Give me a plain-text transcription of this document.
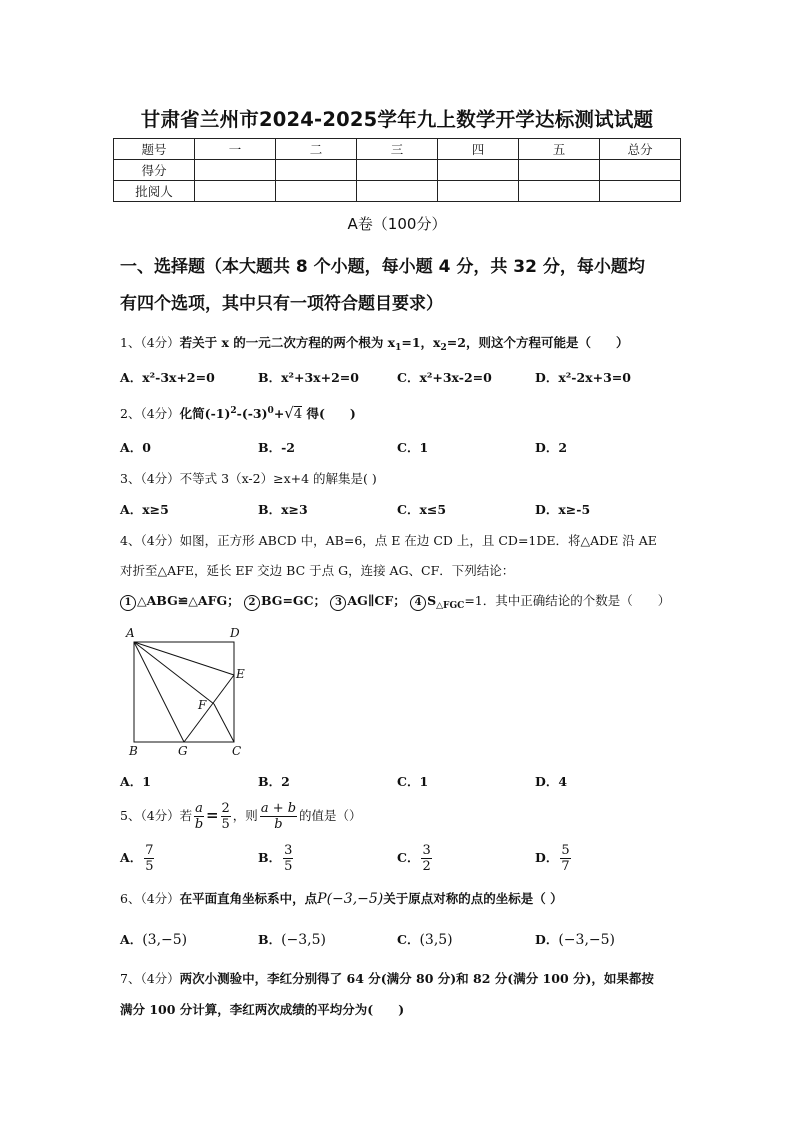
甘肃省兰州市2024-2025学年九上数学开学达标测试试题
题号	一	二	三	四	五	总分
得分						
批阅人						
A卷（100分）
一、选择题（本大题共 8 个小题，每小题 4 分，共 32 分，每小题均
有四个选项，其中只有一项符合题目要求）
1、（4分）若关于 x 的一元二次方程的两个根为 $x_1=1$，$x_2=2$，则这个方程可能是（　　）
A．x²-3x+2=0	B．x²+3x+2=0	C．x²+3x-2=0	D．x²-2x+3=0
2、（4分）化简$(-1)^2-(-3)^0+√4$ 得(　　)
A．0	B．-2	C．1	D．2
3、（4分）不等式 3（x-2）≥x+4 的解集是( )
A．x≥5	B．x≥3	C．x≤5	D．x≥-5
4、（4分）如图，正方形 ABCD 中，AB=6，点 E 在边 CD 上，且 CD=1DE．将△ADE 沿 AE
对折至△AFE，延长 EF 交边 BC 于点 G，连接 AG、CF．下列结论：
1 △ABG≌△AFG； 2 BG=GC； 3 AG∥CF； 4 $S_{\triangle FGC}=1$．其中正确结论的个数是（　　）
A	D
E
F
B	G	C
A．1	B．2	C．1	D．4
5、（4分）若 $\frac{a}{b} = \frac{2}{5}$ ，则 $\frac{a + b}{b}$ 的值是（）
A． $\frac{7}{5}$	B． $\frac{3}{5}$	C． $\frac{3}{2}$	D． $\frac{5}{7}$
6、（4分）在平面直角坐标系中，点P(−3,−5)关于原点对称的点的坐标是（ ）
A．(3,−5)	B．(−3,5)	C．(3,5)	D．(−3,−5)
7、（4分）两次小测验中，李红分别得了 64 分(满分 80 分)和 82 分(满分 100 分)，如果都按
满分 100 分计算，李红两次成绩的平均分为(　　)
